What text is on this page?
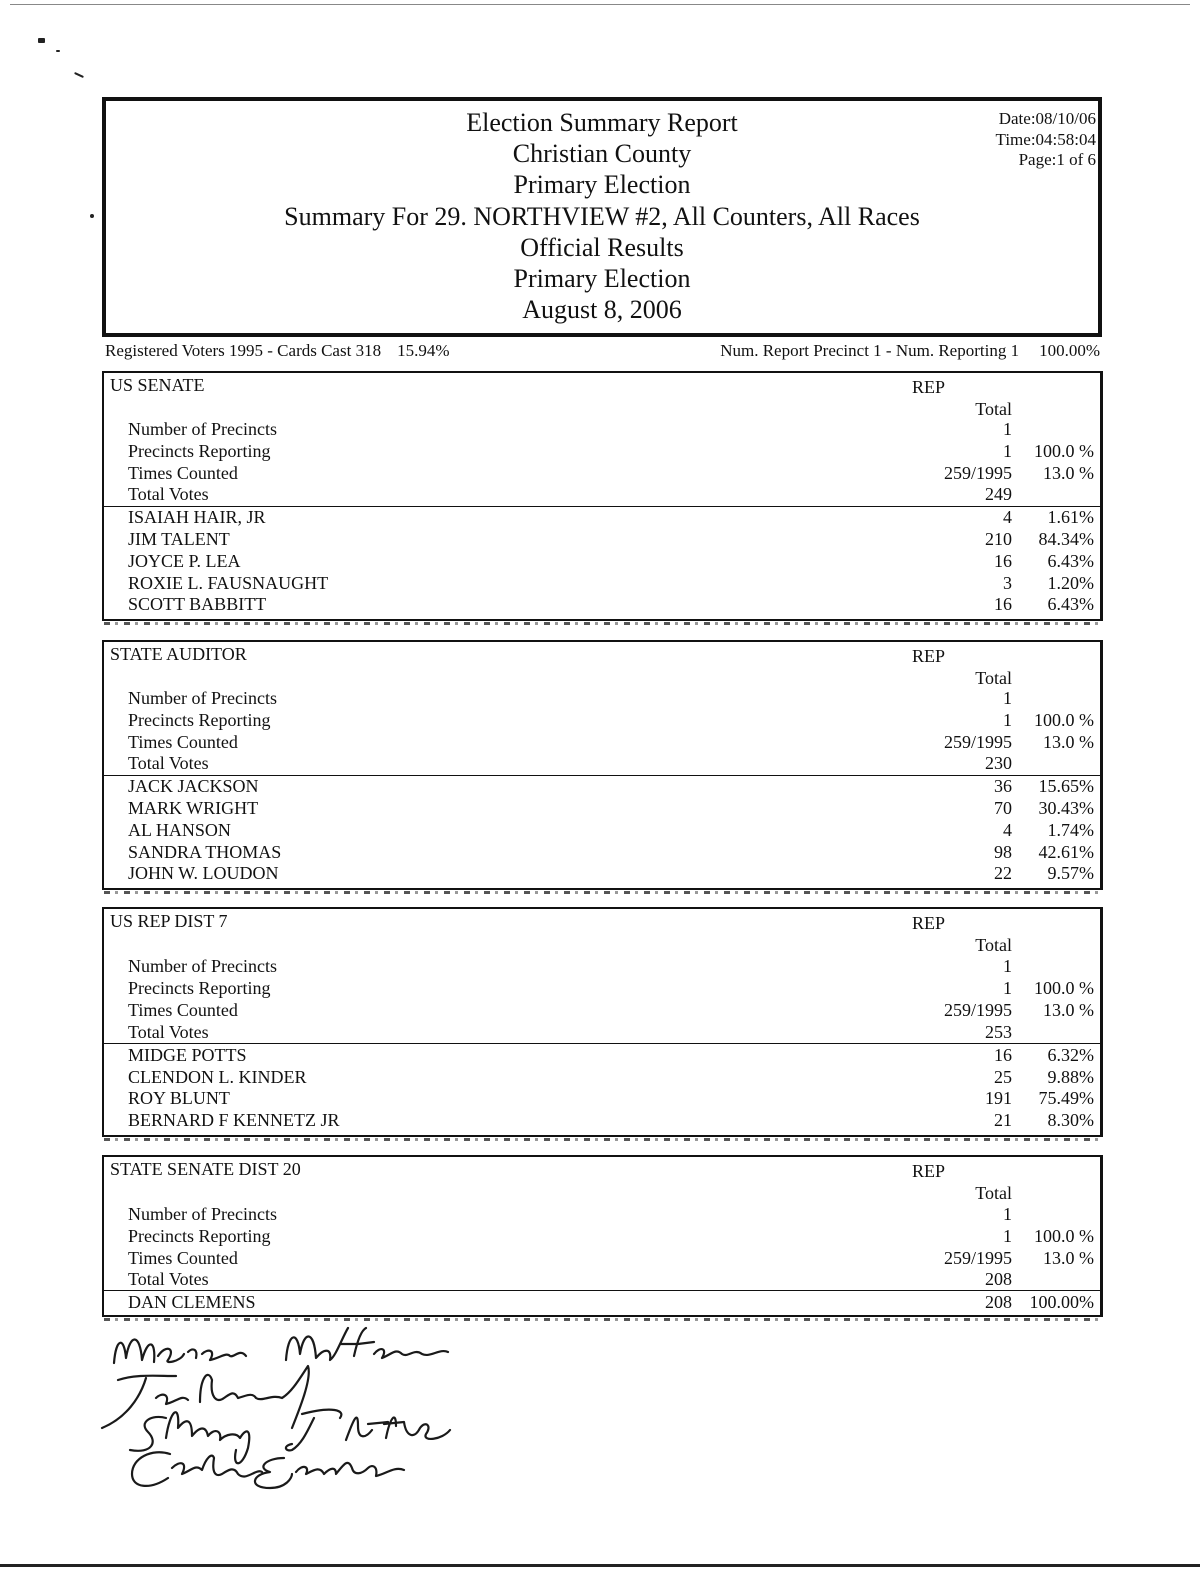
Election Summary Report
Christian County
Primary Election
Summary For 29. NORTHVIEW #2, All Counters, All Races
Official Results
Primary Election
August 8, 2006
Date:08/10/06
Time:04:58:04
Page:1 of 6
Registered Voters 1995 - Cards Cast 318 15.94%	Num. Report Precinct 1 - Num. Reporting 1 100.00%
US SENATE	REP
Total
Number of Precincts	1
Precincts Reporting	1 100.0 %
Times Counted	259/1995 13.0 %
Total Votes	249
ISAIAH HAIR, JR	4 1.61%
JIM TALENT	210 84.34%
JOYCE P. LEA	16 6.43%
ROXIE L. FAUSNAUGHT	3 1.20%
SCOTT BABBITT	16 6.43%
STATE AUDITOR	REP
Total
Number of Precincts	1
Precincts Reporting	1 100.0 %
Times Counted	259/1995 13.0 %
Total Votes	230
JACK JACKSON	36 15.65%
MARK WRIGHT	70 30.43%
AL HANSON	4 1.74%
SANDRA THOMAS	98 42.61%
JOHN W. LOUDON	22 9.57%
US REP DIST 7	REP
Total
Number of Precincts	1
Precincts Reporting	1 100.0 %
Times Counted	259/1995 13.0 %
Total Votes	253
MIDGE POTTS	16 6.32%
CLENDON L. KINDER	25 9.88%
ROY BLUNT	191 75.49%
BERNARD F KENNETZ JR	21 8.30%
STATE SENATE DIST 20	REP
Total
Number of Precincts	1
Precincts Reporting	1 100.0 %
Times Counted	259/1995 13.0 %
Total Votes	208
DAN CLEMENS	208 100.00%
